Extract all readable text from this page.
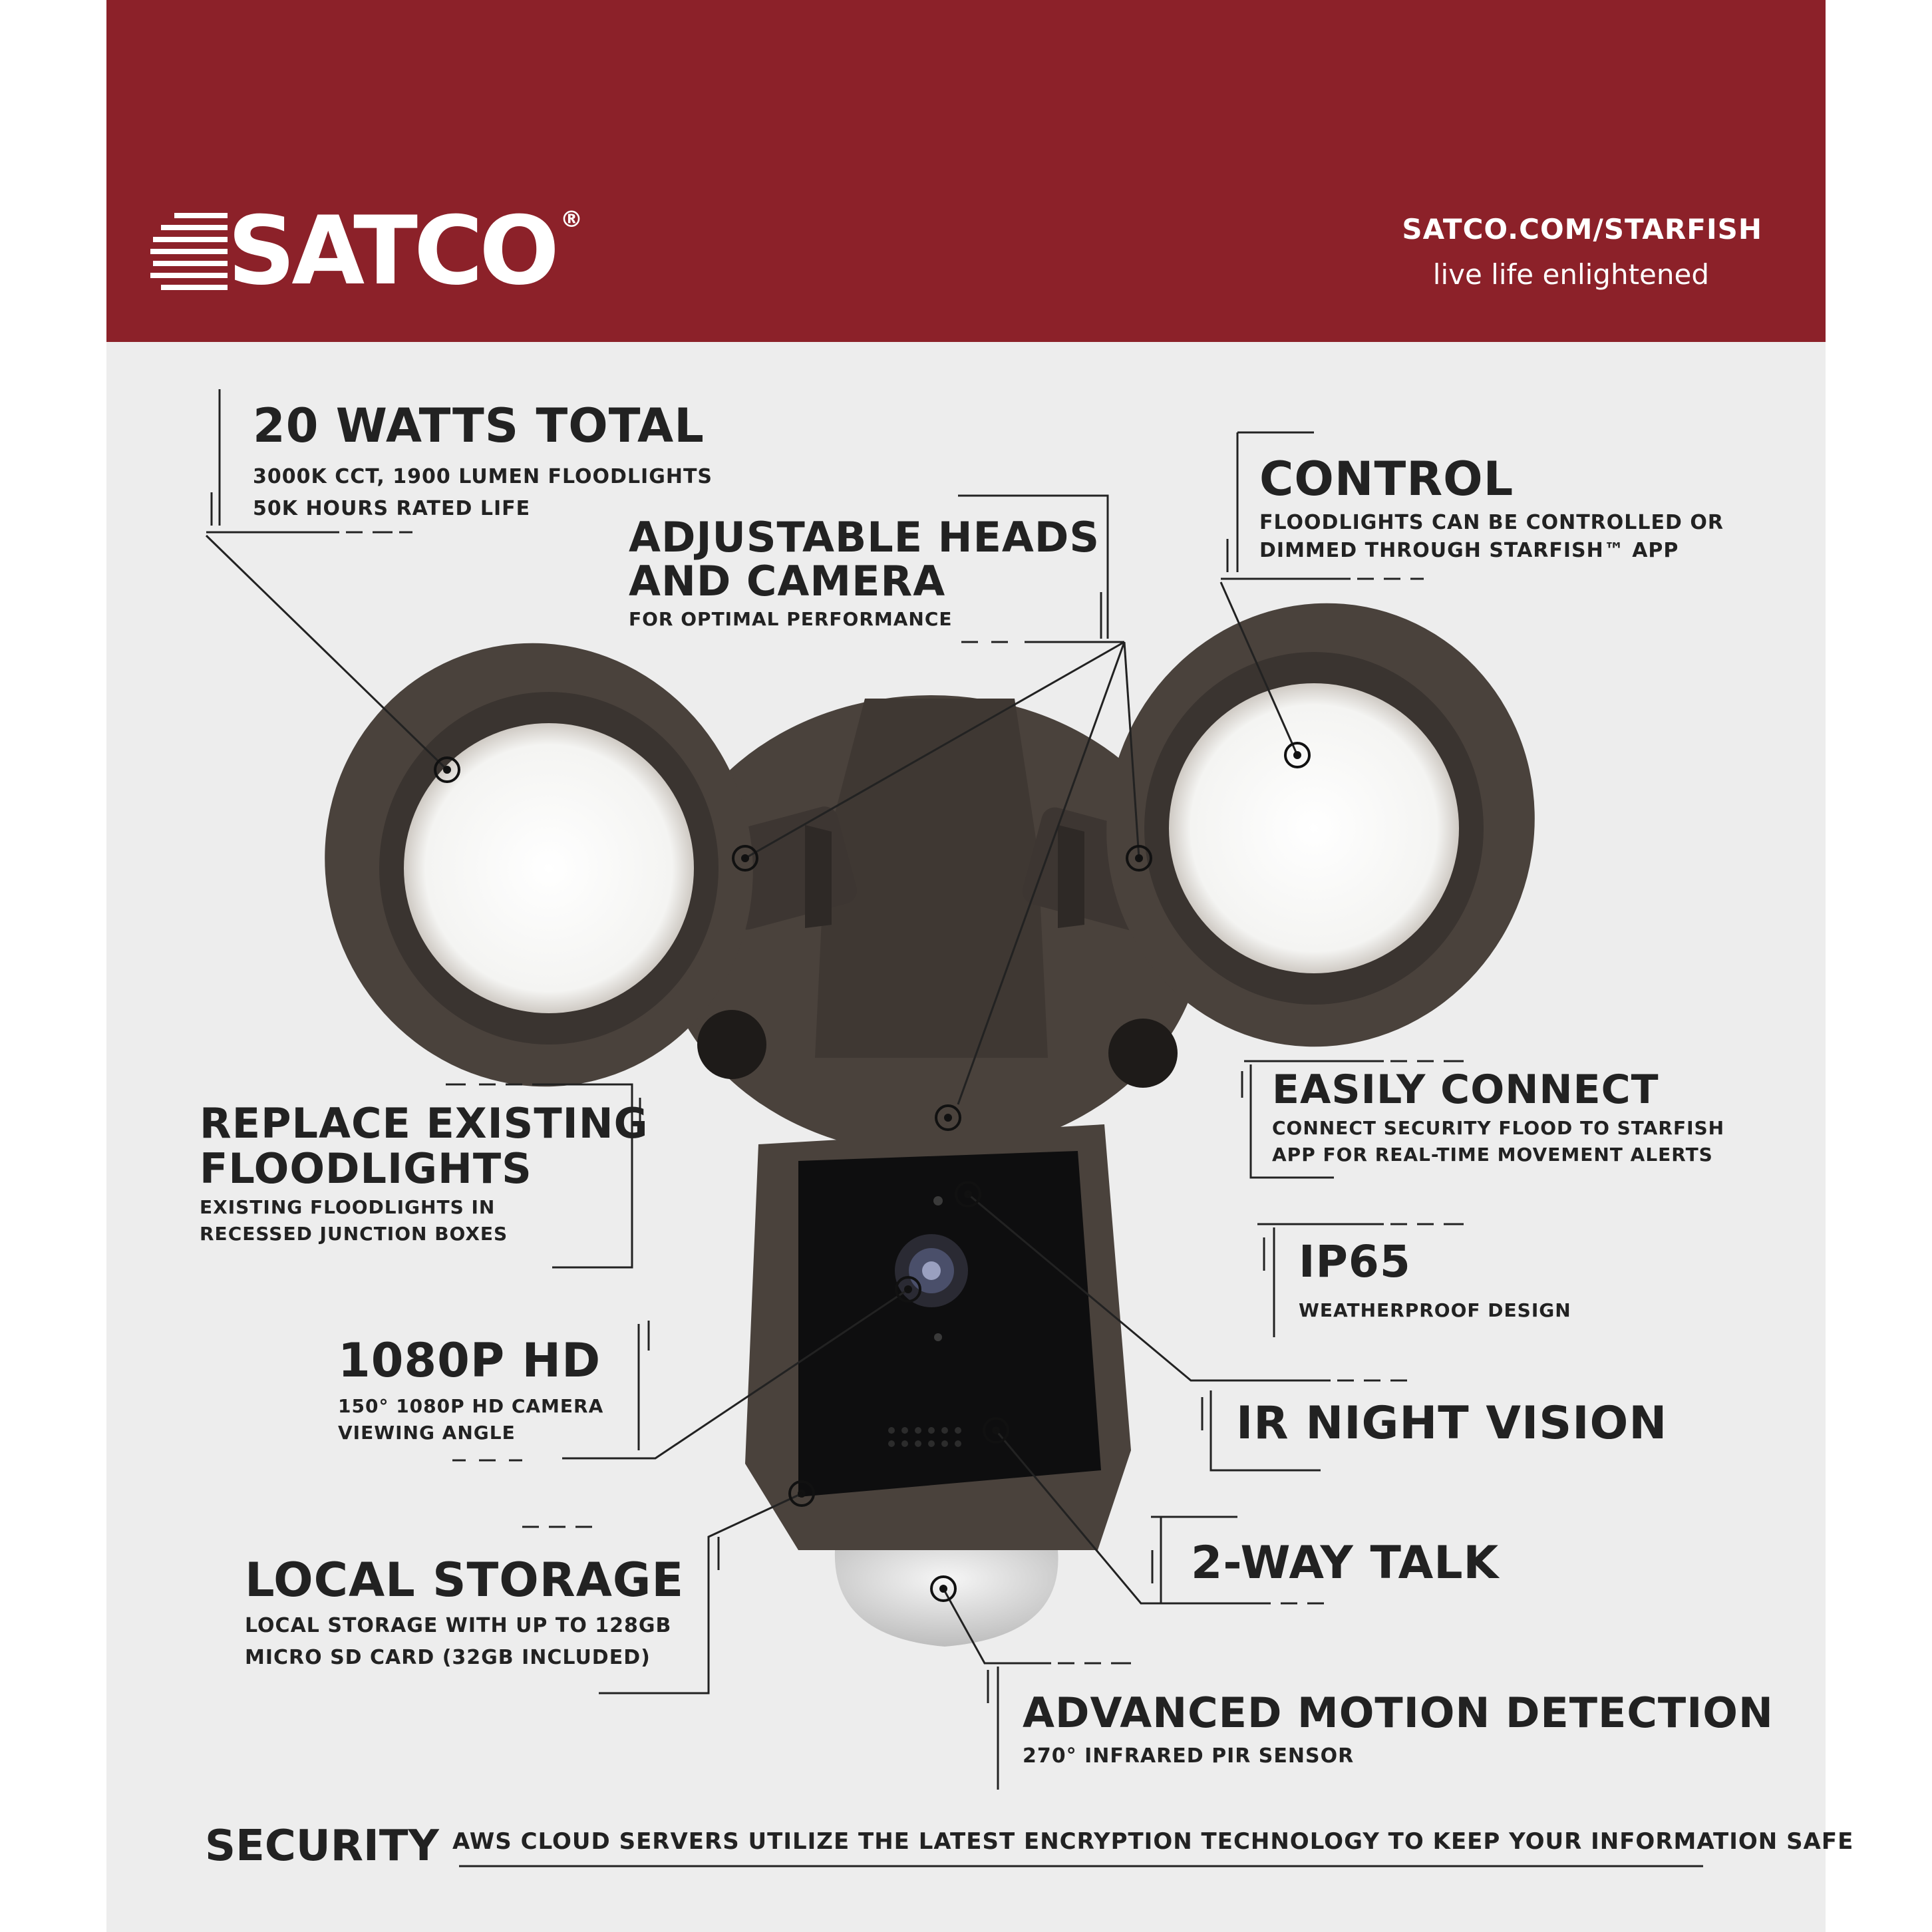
SATCO ®	SATCO.COM/STARFISH
live life enlightened
20 WATTS TOTAL
3000K CCT, 1900 LUMEN FLOODLIGHTS
50K HOURS RATED LIFE
ADJUSTABLE HEADS
AND CAMERA
FOR OPTIMAL PERFORMANCE
CONTROL
FLOODLIGHTS CAN BE CONTROLLED OR
DIMMED THROUGH STARFISH™ APP
REPLACE EXISTING
FLOODLIGHTS
EXISTING FLOODLIGHTS IN
RECESSED JUNCTION BOXES
EASILY CONNECT
CONNECT SECURITY FLOOD TO STARFISH
APP FOR REAL-TIME MOVEMENT ALERTS
IP65
WEATHERPROOF DESIGN
1080P HD
150° 1080P HD CAMERA
VIEWING ANGLE	IR NIGHT VISION
2-WAY TALK
LOCAL STORAGE
LOCAL STORAGE WITH UP TO 128GB
MICRO SD CARD (32GB INCLUDED)
ADVANCED MOTION DETECTION
270° INFRARED PIR SENSOR
SECURITY AWS CLOUD SERVERS UTILIZE THE LATEST ENCRYPTION TECHNOLOGY TO KEEP YOUR INFORMATION SAFE
